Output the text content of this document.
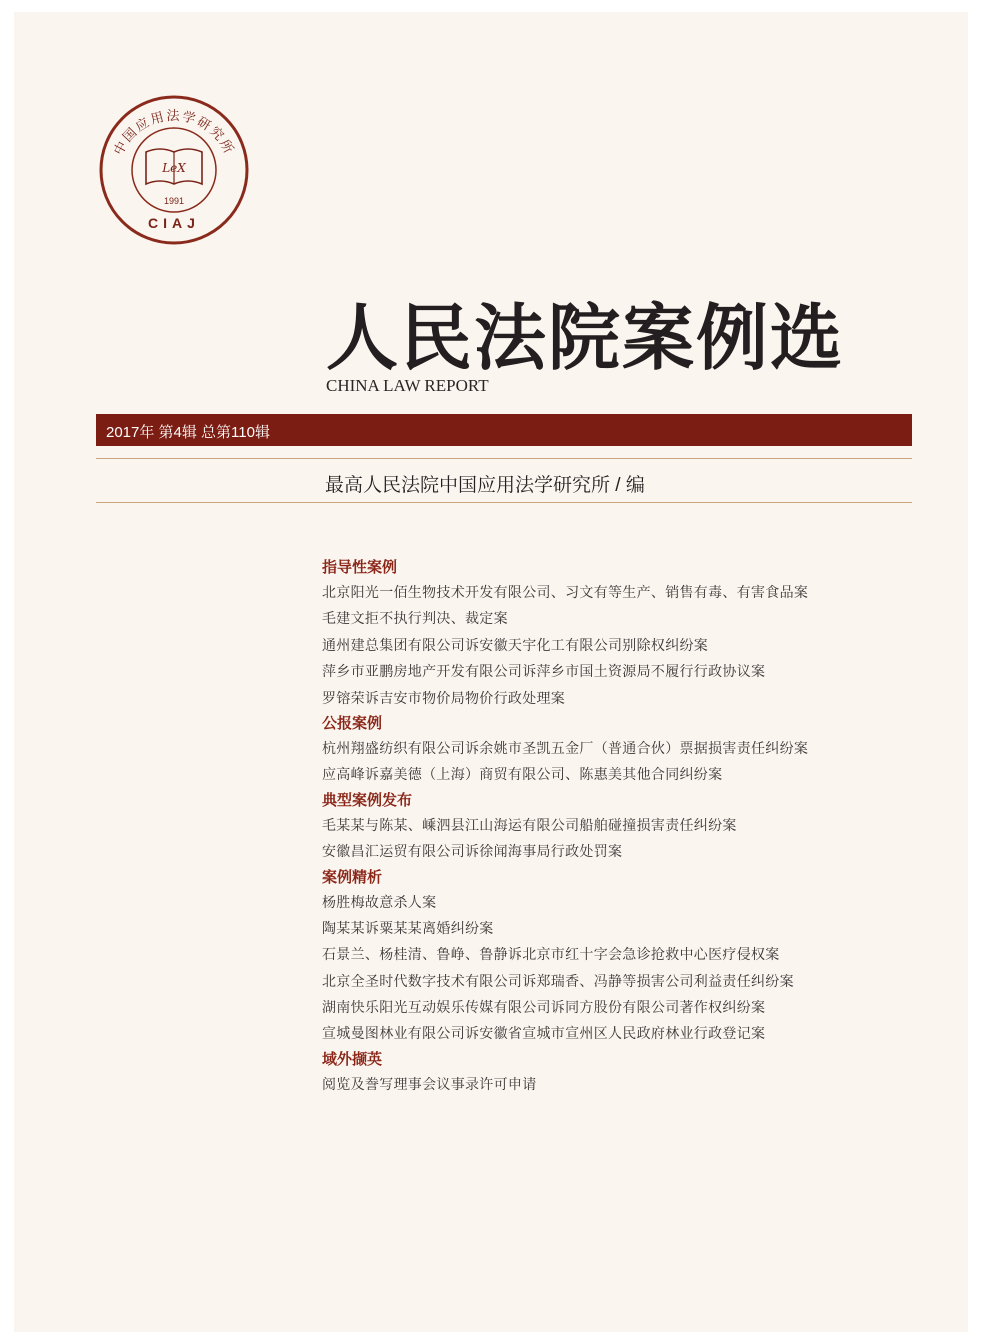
中国应用法学研究所
LeX
1991
CIAJ
人民法院案例选
CHINA LAW REPORT
2017年 第4辑 总第110辑
最高人民法院中国应用法学研究所 / 编
指导性案例
北京阳光一佰生物技术开发有限公司、习文有等生产、销售有毒、有害食品案
毛建文拒不执行判决、裁定案
通州建总集团有限公司诉安徽天宇化工有限公司别除权纠纷案
萍乡市亚鹏房地产开发有限公司诉萍乡市国土资源局不履行行政协议案
罗镕荣诉吉安市物价局物价行政处理案
公报案例
杭州翔盛纺织有限公司诉余姚市圣凯五金厂（普通合伙）票据损害责任纠纷案
应高峰诉嘉美德（上海）商贸有限公司、陈惠美其他合同纠纷案
典型案例发布
毛某某与陈某、嵊泗县江山海运有限公司船舶碰撞损害责任纠纷案
安徽昌汇运贸有限公司诉徐闻海事局行政处罚案
案例精析
杨胜梅故意杀人案
陶某某诉粟某某离婚纠纷案
石景兰、杨桂清、鲁峥、鲁静诉北京市红十字会急诊抢救中心医疗侵权案
北京全圣时代数字技术有限公司诉郑瑞香、冯静等损害公司利益责任纠纷案
湖南快乐阳光互动娱乐传媒有限公司诉同方股份有限公司著作权纠纷案
宣城曼图林业有限公司诉安徽省宣城市宣州区人民政府林业行政登记案
域外撷英
阅览及誊写理事会议事录许可申请
